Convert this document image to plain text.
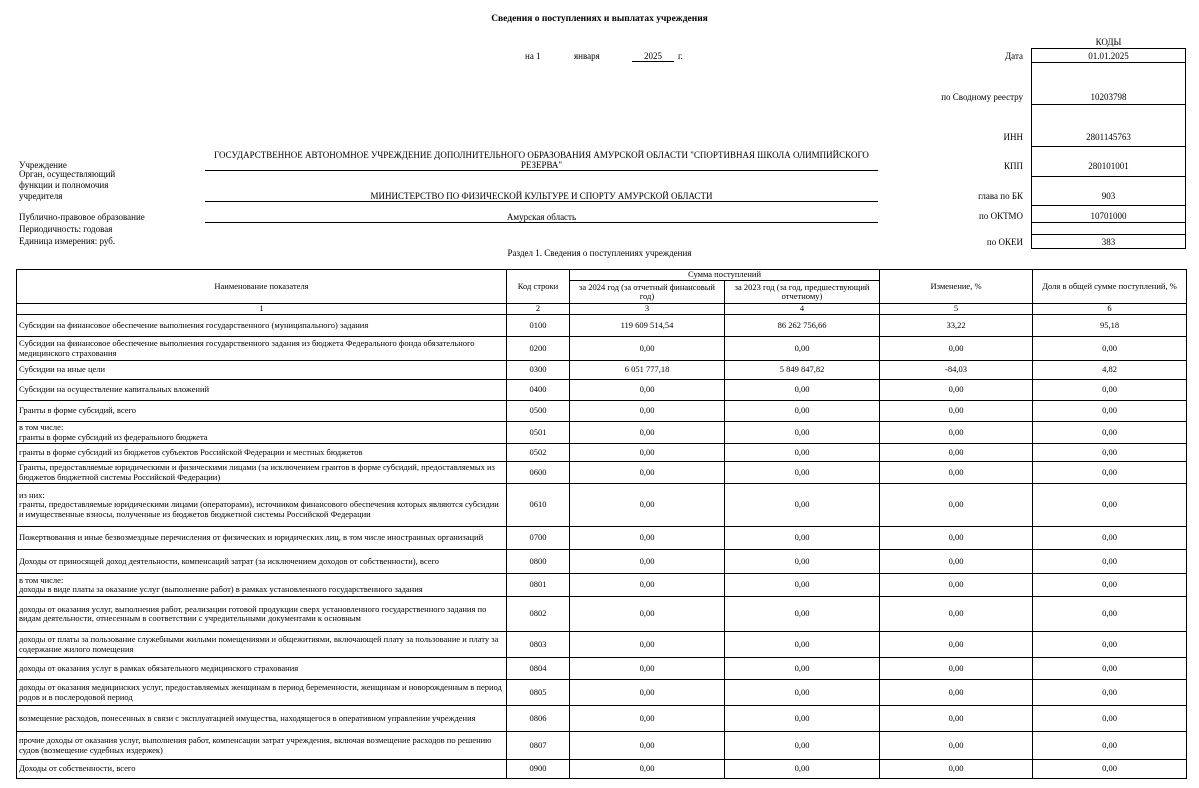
Сведения о поступлениях и выплатах учреждения
на 1	января	2025	г.
КОДЫ
Дата	01.01.2025
по Сводному реестру	10203798
ИНН	2801145763
КПП	280101001
глава по БК	903
по ОКТМО	10701000
по ОКЕИ	383
Учреждение
ГОСУДАРСТВЕННОЕ АВТОНОМНОЕ УЧРЕЖДЕНИЕ ДОПОЛНИТЕЛЬНОГО ОБРАЗОВАНИЯ АМУРСКОЙ ОБЛАСТИ "СПОРТИВНАЯ ШКОЛА ОЛИМПИЙСКОГО РЕЗЕРВА"
Орган, осуществляющий
функции и полномочия
учредителя	МИНИСТЕРСТВО ПО ФИЗИЧЕСКОЙ КУЛЬТУРЕ И СПОРТУ АМУРСКОЙ ОБЛАСТИ
Публично-правовое образование	Амурская область
Периодичность: годовая
Единица измерения: руб.
Раздел 1. Сведения о поступлениях учреждения
Наименование показателя	Код строки	Сумма поступлений		Изменение, %	Доля в общей сумме поступлений, %
		за 2024 год (за отчетный финансовый год)	за 2023 год (за год, предшествующий отчетному)		
1	2	3	4	5	6
Субсидии на финансовое обеспечение выполнения государственного (муниципального) задания	0100	119 609 514,54	86 262 756,66	33,22	95,18
Субсидии на финансовое обеспечение выполнения государственного задания из бюджета Федерального фонда обязательного медицинского страхования	0200	0,00	0,00	0,00	0,00
Субсидии на иные цели	0300	6 051 777,18	5 849 847,82	-84,03	4,82
Субсидии на осуществление капитальных вложений	0400	0,00	0,00	0,00	0,00
Гранты в форме субсидий, всего	0500	0,00	0,00	0,00	0,00
в том числе:
гранты в форме субсидий из федерального бюджета	0501	0,00	0,00	0,00	0,00
гранты в форме субсидий из бюджетов субъектов Российской Федерации и местных бюджетов	0502	0,00	0,00	0,00	0,00
Гранты, предоставляемые юридическими и физическими лицами (за исключением грантов в форме субсидий, предоставляемых из бюджетов бюджетной системы Российской Федерации)	0600	0,00	0,00	0,00	0,00
из них:
гранты, предоставляемые юридическими лицами (операторами), источником финансового обеспечения которых являются субсидии и имущественные взносы, полученные из бюджетов бюджетной системы Российской Федерации	0610	0,00	0,00	0,00	0,00
Пожертвования и иные безвозмездные перечисления от физических и юридических лиц, в том числе иностранных организаций	0700	0,00	0,00	0,00	0,00
Доходы от приносящей доход деятельности, компенсаций затрат (за исключением доходов от собственности), всего	0800	0,00	0,00	0,00	0,00
в том числе:
доходы в виде платы за оказание услуг (выполнение работ) в рамках установленного государственного задания	0801	0,00	0,00	0,00	0,00
доходы от оказания услуг, выполнения работ, реализации готовой продукции сверх установленного государственного задания по видам деятельности, отнесенным в соответствии с учредительными документами к основным	0802	0,00	0,00	0,00	0,00
доходы от платы за пользование служебными жилыми помещениями и общежитиями, включающей плату за пользование и плату за содержание жилого помещения	0803	0,00	0,00	0,00	0,00
доходы от оказания услуг в рамках обязательного медицинского страхования	0804	0,00	0,00	0,00	0,00
доходы от оказания медицинских услуг, предоставляемых женщинам в период беременности, женщинам и новорожденным в период родов и в послеродовой период	0805	0,00	0,00	0,00	0,00
возмещение расходов, понесенных в связи с эксплуатацией имущества, находящегося в оперативном управлении учреждения	0806	0,00	0,00	0,00	0,00
прочие доходы от оказания услуг, выполнения работ, компенсации затрат учреждения, включая возмещение расходов по решению судов (возмещение судебных издержек)	0807	0,00	0,00	0,00	0,00
Доходы от собственности, всего	0900	0,00	0,00	0,00	0,00
